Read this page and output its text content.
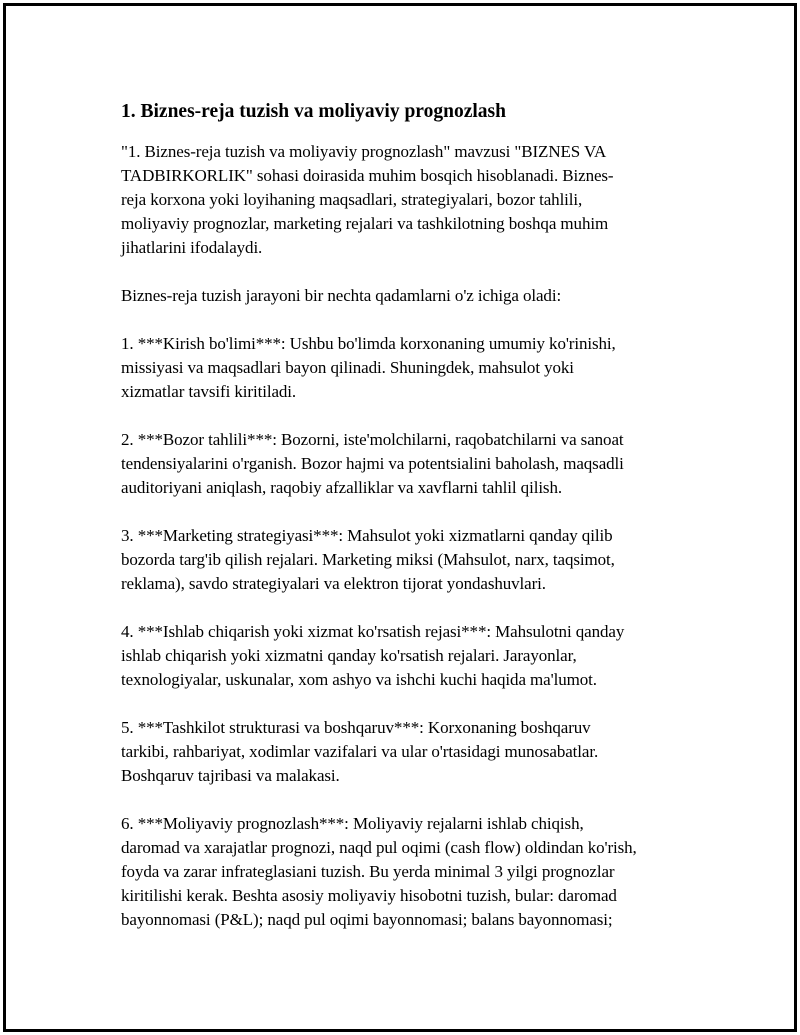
1. Biznes-reja tuzish va moliyaviy prognozlash
"1. Biznes-reja tuzish va moliyaviy prognozlash" mavzusi "BIZNES VA
TADBIRKORLIK" sohasi doirasida muhim bosqich hisoblanadi. Biznes-
reja korxona yoki loyihaning maqsadlari, strategiyalari, bozor tahlili,
moliyaviy prognozlar, marketing rejalari va tashkilotning boshqa muhim
jihatlarini ifodalaydi.
Biznes-reja tuzish jarayoni bir nechta qadamlarni o'z ichiga oladi:
1. ***Kirish bo'limi***: Ushbu bo'limda korxonaning umumiy ko'rinishi,
missiyasi va maqsadlari bayon qilinadi. Shuningdek, mahsulot yoki
xizmatlar tavsifi kiritiladi.
2. ***Bozor tahlili***: Bozorni, iste'molchilarni, raqobatchilarni va sanoat
tendensiyalarini o'rganish. Bozor hajmi va potentsialini baholash, maqsadli
auditoriyani aniqlash, raqobiy afzalliklar va xavflarni tahlil qilish.
3. ***Marketing strategiyasi***: Mahsulot yoki xizmatlarni qanday qilib
bozorda targ'ib qilish rejalari. Marketing miksi (Mahsulot, narx, taqsimot,
reklama), savdo strategiyalari va elektron tijorat yondashuvlari.
4. ***Ishlab chiqarish yoki xizmat ko'rsatish rejasi***: Mahsulotni qanday
ishlab chiqarish yoki xizmatni qanday ko'rsatish rejalari. Jarayonlar,
texnologiyalar, uskunalar, xom ashyo va ishchi kuchi haqida ma'lumot.
5. ***Tashkilot strukturasi va boshqaruv***: Korxonaning boshqaruv
tarkibi, rahbariyat, xodimlar vazifalari va ular o'rtasidagi munosabatlar.
Boshqaruv tajribasi va malakasi.
6. ***Moliyaviy prognozlash***: Moliyaviy rejalarni ishlab chiqish,
daromad va xarajatlar prognozi, naqd pul oqimi (cash flow) oldindan ko'rish,
foyda va zarar infrateglasiani tuzish. Bu yerda minimal 3 yilgi prognozlar
kiritilishi kerak. Beshta asosiy moliyaviy hisobotni tuzish, bular: daromad
bayonnomasi (P&L); naqd pul oqimi bayonnomasi; balans bayonnomasi;
